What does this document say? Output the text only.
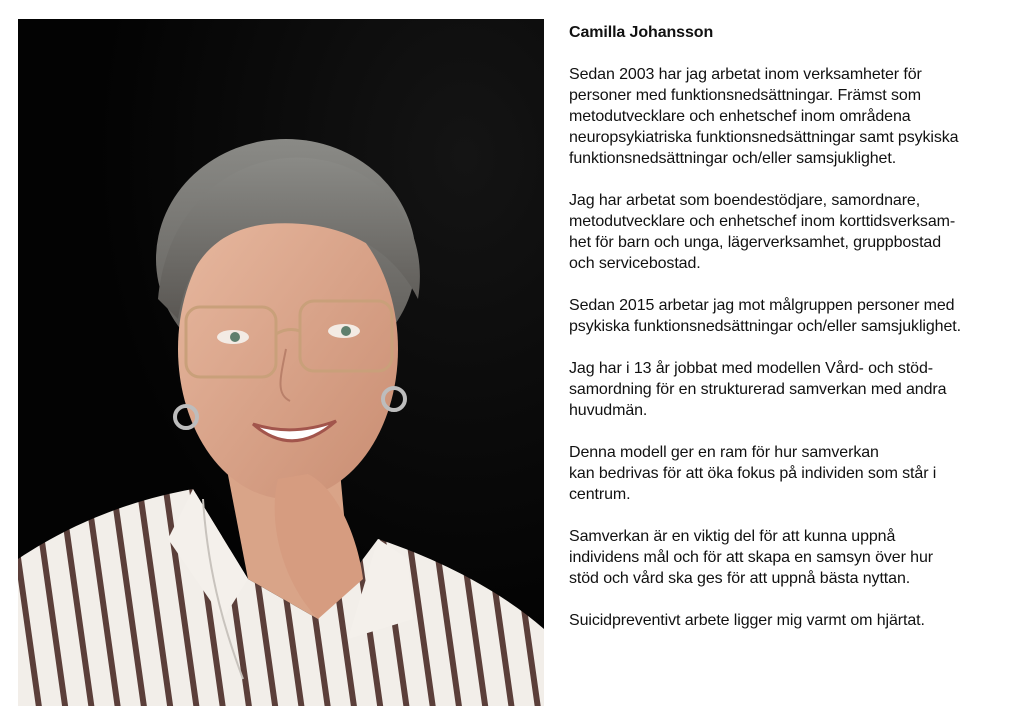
Camilla Johansson
Sedan 2003 har jag arbetat inom verksamheter för
personer med funktionsnedsättningar. Främst som
metodutvecklare och enhetschef inom områdena
neuropsykiatriska funktionsnedsättningar samt psykiska
funktionsnedsättningar och/eller samsjuklighet.
Jag har arbetat som boendestödjare, samordnare,
metodutvecklare och enhetschef inom korttidsverksam-
het för barn och unga, lägerverksamhet, gruppbostad
och servicebostad.
Sedan 2015 arbetar jag mot målgruppen personer med
psykiska funktionsnedsättningar och/eller samsjuklighet.
Jag har i 13 år jobbat med modellen Vård- och stöd-
samordning för en strukturerad samverkan med andra
huvudmän.
Denna modell ger en ram för hur samverkan
kan bedrivas för att öka fokus på individen som står i
centrum.
Samverkan är en viktig del för att kunna uppnå
individens mål och för att skapa en samsyn över hur
stöd och vård ska ges för att uppnå bästa nyttan.
Suicidpreventivt arbete ligger mig varmt om hjärtat.
